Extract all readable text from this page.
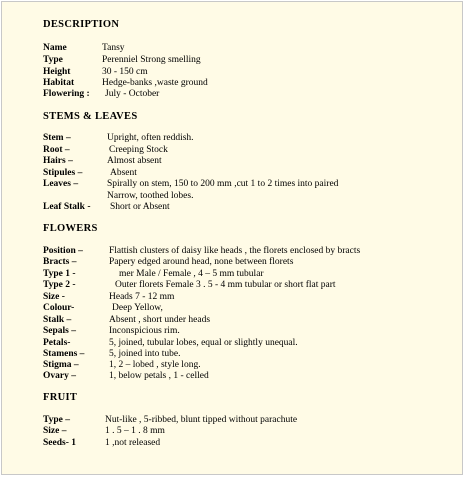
DESCRIPTION
Name	Tansy
Type	Perenniel Strong smelling
Height	30 - 150 cm
Habitat	Hedge-banks ,waste ground
Flowering : July - October
STEMS & LEAVES
Stem –	Upright, often reddish.
Root –	Creeping Stock
Hairs –	Almost absent
Stipules –	Absent
Leaves –	Spirally on stem, 150 to 200 mm ,cut 1 to 2 times into paired
Narrow, toothed lobes.
Leaf Stalk - Short or Absent
FLOWERS
Position –	Flattish clusters of daisy like heads , the florets enclosed by bracts
Bracts –	Papery edged around head, none between florets
Type 1 -	mer Male / Female , 4 – 5 mm tubular
Type 2 -	Outer florets Female 3 . 5 - 4 mm tubular or short flat part
Size -	Heads 7 - 12 mm
Colour-	Deep Yellow,
Stalk –	Absent , short under heads
Sepals –	Inconspicious rim.
Petals-	5, joined, tubular lobes, equal or slightly unequal.
Stamens –	5, joined into tube.
Stigma –	1, 2 – lobed , style long.
Ovary –	1, below petals , 1 - celled
FRUIT
Type –	Nut-like , 5-ribbed, blunt tipped without parachute
Size –	1 . 5 – 1 . 8 mm
Seeds- 1	1 ,not released
